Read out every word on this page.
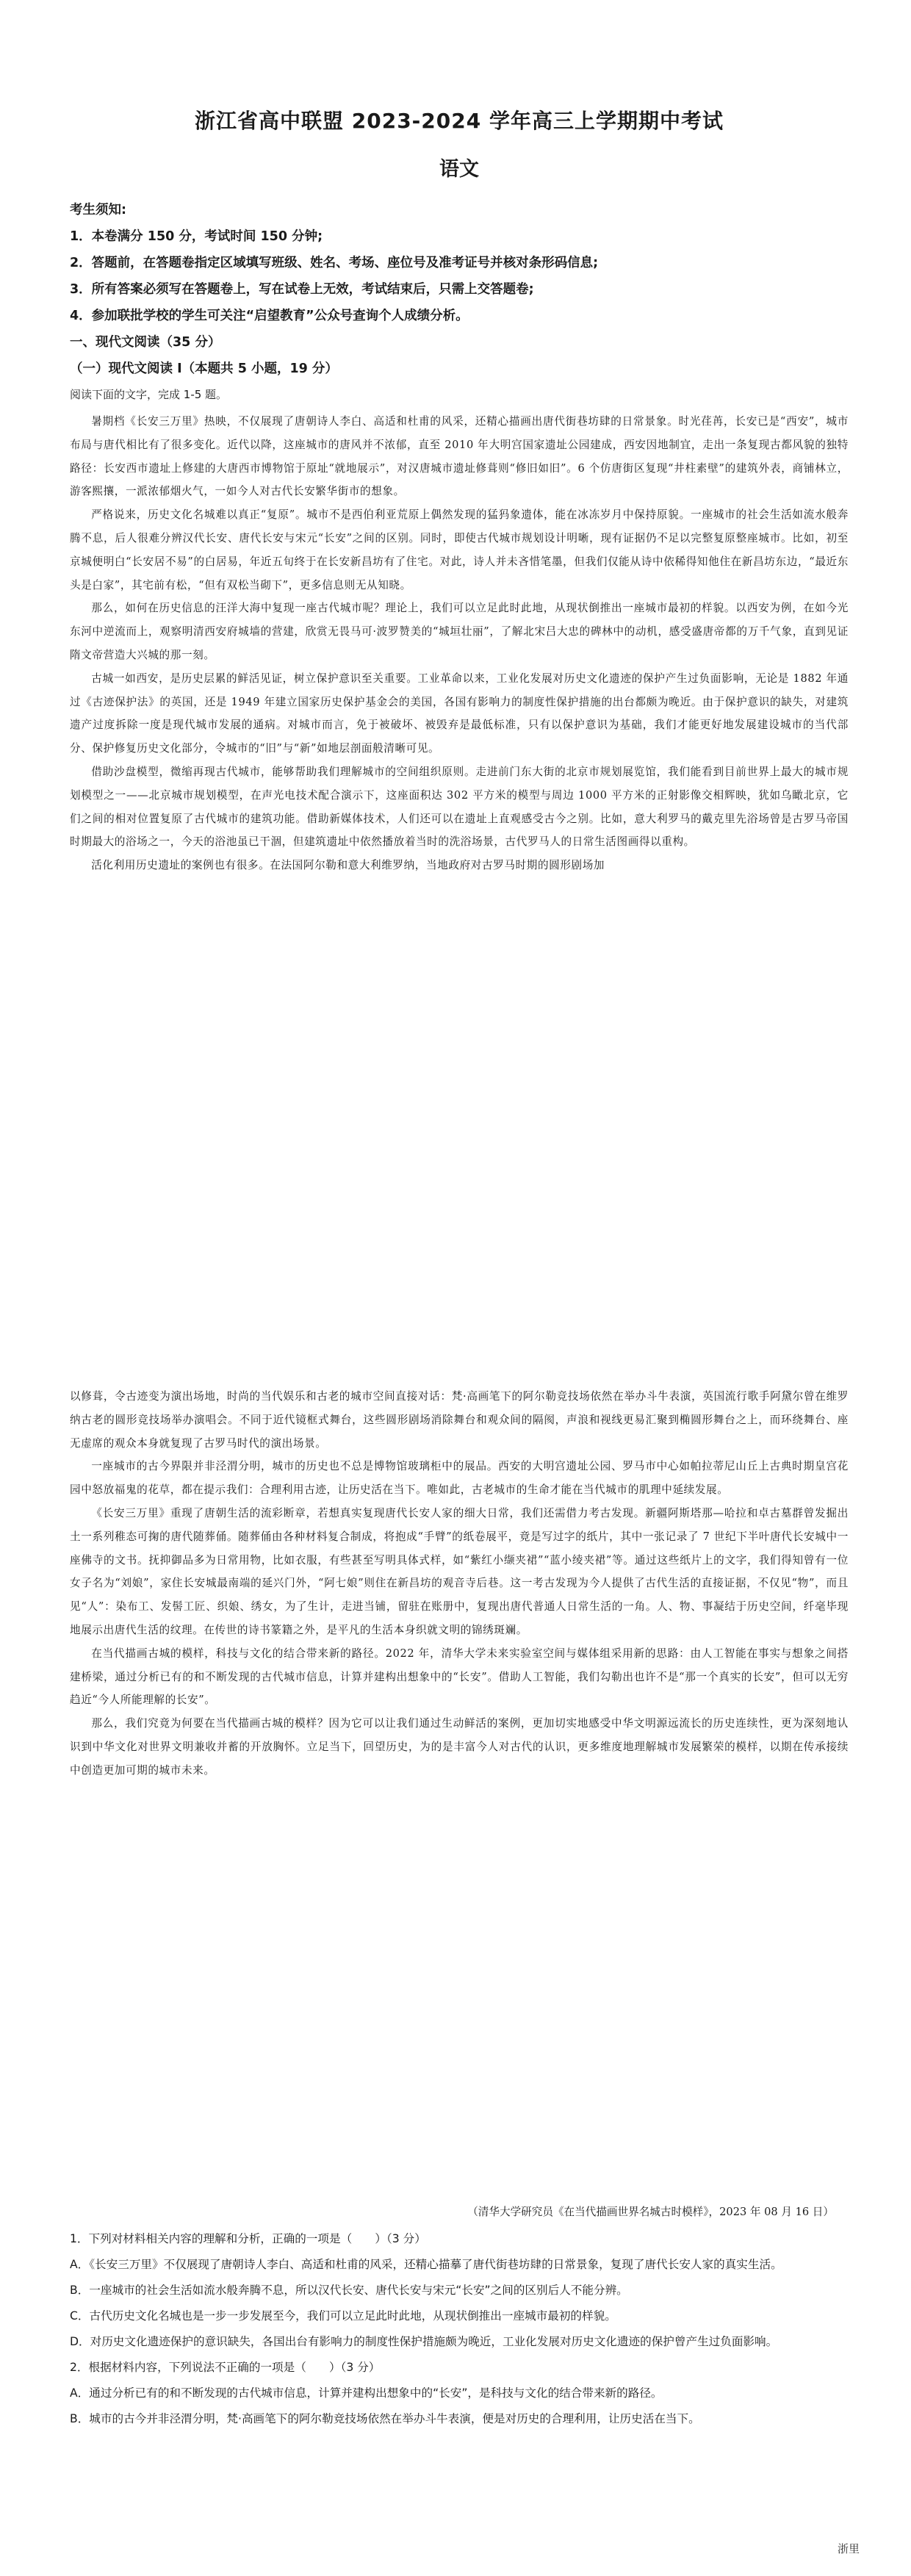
浙江省高中联盟 2023-2024 学年高三上学期期中考试
语文
考生须知:
1．本卷满分 150 分，考试时间 150 分钟;
2．答题前，在答题卷指定区域填写班级、姓名、考场、座位号及准考证号并核对条形码信息;
3．所有答案必须写在答题卷上，写在试卷上无效，考试结束后，只需上交答题卷;
4．参加联批学校的学生可关注“启望教育”公众号查询个人成绩分析。
一、现代文阅读（35 分）
（一）现代文阅读 I（本题共 5 小题，19 分）
阅读下面的文字，完成 1-5 题。

暑期档《长安三万里》热映，不仅展现了唐朝诗人李白、高适和杜甫的风采，还精心描画出唐代街巷坊肆的日常景象。时光荏苒，长安已是“西安”，城市布局与唐代相比有了很多变化。近代以降，这座城市的唐风并不浓郁，直至 2010 年大明宫国家遗址公园建成，西安因地制宜，走出一条复现古都风貌的独特路径：长安西市遗址上修建的大唐西市博物馆于原址“就地展示”，对汉唐城市遗址修葺则“修旧如旧”。6 个仿唐街区复现“井柱素壁”的建筑外表，商铺林立，游客熙攘，一派浓郁烟火气，一如今人对古代长安繁华街市的想象。

严格说来，历史文化名城难以真正“复原”。城市不是西伯利亚荒原上偶然发现的猛犸象遗体，能在冰冻岁月中保持原貌。一座城市的社会生活如流水般奔腾不息，后人很难分辨汉代长安、唐代长安与宋元“长安”之间的区别。同时，即使古代城市规划设计明晰，现有证据仍不足以完整复原整座城市。比如，初至京城便明白“长安居不易”的白居易，年近五旬终于在长安新昌坊有了住宅。对此，诗人并未吝惜笔墨，但我们仅能从诗中依稀得知他住在新昌坊东边，“最近东头是白家”，其宅前有松，“但有双松当砌下”，更多信息则无从知晓。

那么，如何在历史信息的汪洋大海中复现一座古代城市呢？理论上，我们可以立足此时此地，从现状倒推出一座城市最初的样貌。以西安为例，在如今光东河中逆流而上，观察明清西安府城墙的营建，欣赏无畏马可·波罗赞美的“城垣壮丽”，了解北宋吕大忠的碑林中的动机，感受盛唐帝都的万千气象，直到见证隋文帝营造大兴城的那一刻。

古城一如西安，是历史层累的鲜活见证，树立保护意识至关重要。工业革命以来，工业化发展对历史文化遗迹的保护产生过负面影响，无论是 1882 年通过《古迹保护法》的英国，还是 1949 年建立国家历史保护基金会的美国，各国有影响力的制度性保护措施的出台都颇为晚近。由于保护意识的缺失，对建筑遗产过度拆除一度是现代城市发展的通病。对城市而言，免于被破坏、被毁弃是最低标准，只有以保护意识为基础，我们才能更好地发展建设城市的当代部分、保护修复历史文化部分，令城市的“旧”与“新”如地层剖面般清晰可见。

借助沙盘模型，微缩再现古代城市，能够帮助我们理解城市的空间组织原则。走进前门东大街的北京市规划展览馆，我们能看到目前世界上最大的城市规划模型之一——北京城市规划模型，在声光电技术配合演示下，这座面积达 302 平方米的模型与周边 1000 平方米的正射影像交相辉映，犹如乌瞰北京，它们之间的相对位置复原了古代城市的建筑功能。借助新媒体技术，人们还可以在遗址上直观感受古今之别。比如，意大利罗马的戴克里先浴场曾是古罗马帝国时期最大的浴场之一，今天的浴池虽已干涸，但建筑遗址中依然播放着当时的洗浴场景，古代罗马人的日常生活图画得以重构。

活化利用历史遗址的案例也有很多。在法国阿尔勒和意大利维罗纳，当地政府对古罗马时期的圆形剧场加

以修葺，令古迹变为演出场地，时尚的当代娱乐和古老的城市空间直接对话：梵·高画笔下的阿尔勒竞技场依然在举办斗牛表演，英国流行歌手阿黛尔曾在维罗纳古老的圆形竞技场举办演唱会。不同于近代镜框式舞台，这些圆形剧场消除舞台和观众间的隔阂，声浪和视线更易汇聚到椭圆形舞台之上，而环绕舞台、座无虚席的观众本身就复现了古罗马时代的演出场景。

一座城市的古今界限并非泾渭分明，城市的历史也不总是博物馆玻璃柜中的展品。西安的大明宫遗址公园、罗马市中心如帕拉蒂尼山丘上古典时期皇宫花园中怒放福鬼的花草，都在提示我们：合理利用古迹，让历史活在当下。唯如此，古老城市的生命才能在当代城市的肌理中延续发展。

《长安三万里》重现了唐朝生活的流彩断章，若想真实复现唐代长安人家的细大日常，我们还需借力考古发现。新疆阿斯塔那—哈拉和卓古墓群曾发掘出土一系列稚态可掬的唐代随葬俑。随葬俑由各种材料复合制成，将抱成“手臂”的纸卷展平，竟是写过字的纸片，其中一张记录了 7 世纪下半叶唐代长安城中一座佛寺的文书。抚抑御品多为日常用物，比如衣服，有些甚至写明具体式样，如“紫红小缬夹裙”“蓝小绫夹裙”等。通过这些纸片上的文字，我们得知曾有一位女子名为“刘娘”，家住长安城最南端的延兴门外，“阿七娘”则住在新昌坊的观音寺后巷。这一考古发现为今人提供了古代生活的直接证据，不仅见“物”，而且见“人”：染布工、发髻工匠、织娘、绣女，为了生计，走进当铺，留驻在账册中，复现出唐代普通人日常生活的一角。人、物、事凝结于历史空间，纤毫毕现地展示出唐代生活的纹理。在传世的诗书篆籍之外，是平凡的生活本身织就文明的锦绣斑斓。

在当代描画古城的模样，科技与文化的结合带来新的路径。2022 年，清华大学未来实验室空间与媒体组采用新的思路：由人工智能在事实与想象之间搭建桥梁，通过分析已有的和不断发现的古代城市信息，计算并建构出想象中的“长安”。借助人工智能，我们勾勒出也许不是“那一个真实的长安”，但可以无穷趋近“今人所能理解的长安”。

那么，我们究竟为何要在当代描画古城的模样？因为它可以让我们通过生动鲜活的案例，更加切实地感受中华文明源远流长的历史连续性，更为深刻地认识到中华文化对世界文明兼收并蓄的开放胸怀。立足当下，回望历史，为的是丰富今人对古代的认识，更多维度地理解城市发展繁荣的模样，以期在传承接续中创造更加可期的城市未来。

（清华大学研究员《在当代描画世界名城古时模样》，2023 年 08 月 16 日）

1．下列对材料相关内容的理解和分析，正确的一项是（　　）（3 分）

A．《长安三万里》不仅展现了唐朝诗人李白、高适和杜甫的风采，还精心描摹了唐代街巷坊肆的日常景象，复现了唐代长安人家的真实生活。

B．一座城市的社会生活如流水般奔腾不息，所以汉代长安、唐代长安与宋元“长安”之间的区别后人不能分辨。

C．古代历史文化名城也是一步一步发展至今，我们可以立足此时此地，从现状倒推出一座城市最初的样貌。

D．对历史文化遗迹保护的意识缺失，各国出台有影响力的制度性保护措施颇为晚近，工业化发展对历史文化遗迹的保护曾产生过负面影响。

2．根据材料内容，下列说法不正确的一项是（　　）（3 分）

A．通过分析已有的和不断发现的古代城市信息，计算并建构出想象中的“长安”，是科技与文化的结合带来新的路径。

B．城市的古今并非泾渭分明，梵·高画笔下的阿尔勒竞技场依然在举办斗牛表演，便是对历史的合理利用，让历史活在当下。

浙里
